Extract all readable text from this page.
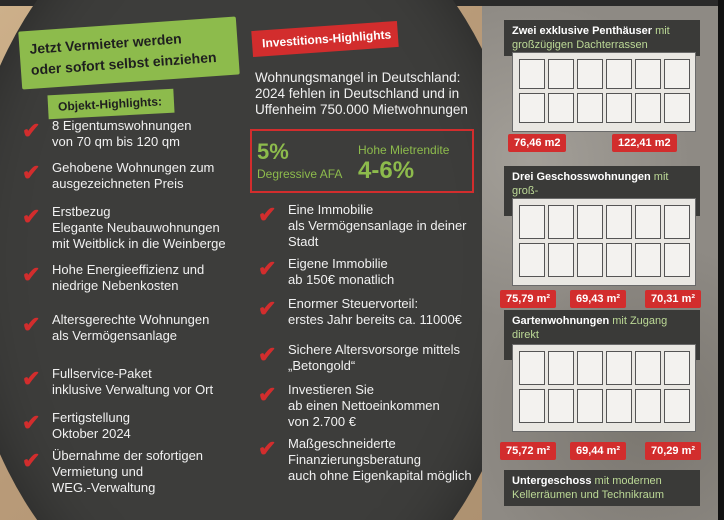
Jetzt Vermieter werden
oder sofort selbst einziehen
Objekt-Highlights:
✔ 8 Eigentumswohnungen
von 70 qm bis 120 qm
✔ Gehobene Wohnungen zum
ausgezeichneten Preis
✔ Erstbezug
Elegante Neubauwohnungen
mit Weitblick in die Weinberge
✔ Hohe Energieeffizienz und
niedrige Nebenkosten
✔ Altersgerechte Wohnungen
als Vermögensanlage
✔ Fullservice-Paket
inklusive Verwaltung vor Ort
✔ Fertigstellung
Oktober 2024
✔ Übernahme der sofortigen
Vermietung und
WEG.-Verwaltung
Investitions-Highlights
Wohnungsmangel in Deutschland:
2024 fehlen in Deutschland und in
Uffenheim 750.000 Mietwohnungen
5%
Degressive AFA
Hohe Mietrendite
4-6%
✔ Eine Immobilie
als Vermögensanlage in deiner
Stadt
✔ Eigene Immobilie
ab 150€ monatlich
✔ Enormer Steuervorteil:
erstes Jahr bereits ca. 11000€
✔ Sichere Altersvorsorge mittels
„Betongold“
✔ Investieren Sie
ab einen Nettoeinkommen
von 2.700 €
✔ Maßgeschneiderte
Finanzierungsberatung
auch ohne Eigenkapital möglich
Zwei exklusive Penthäuser mit
großzügigen Dachterrassen
76,46 m2	122,41 m2
Drei Geschosswohnungen mit groß-

75,79 m²	69,43 m²	70,31 m²
Gartenwohnungen mit Zugang direkt

75,72 m²	69,44 m²	70,29 m²
Untergeschoss mit modernen
Kellerräumen und Technikraum
